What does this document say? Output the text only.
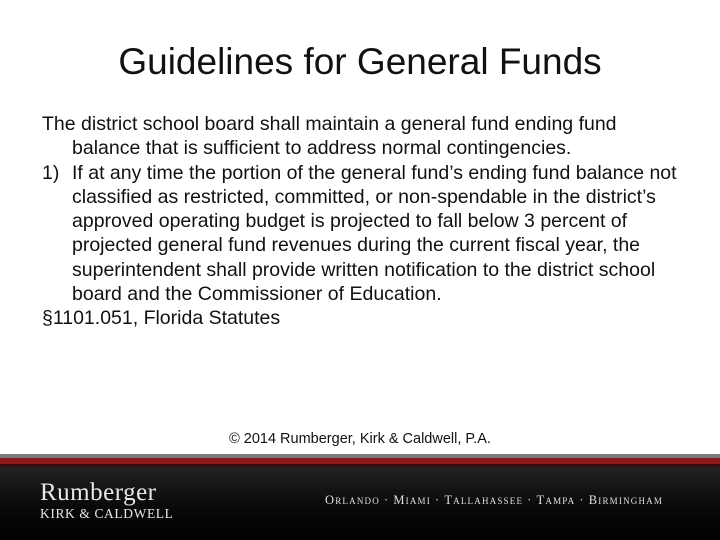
Guidelines for General Funds

The district school board shall maintain a general fund ending fund balance that is sufficient to address normal contingencies.

1) If at any time the portion of the general fund’s ending fund balance not classified as restricted, committed, or non-spendable in the district’s approved operating budget is projected to fall below 3 percent of projected general fund revenues during the current fiscal year, the superintendent shall provide written notification to the district school board and the Commissioner of Education.

§1101.051, Florida Statutes

© 2014 Rumberger, Kirk & Caldwell, P.A.
Rumberger
KIRK & CALDWELL
Orlando · Miami · Tallahassee · Tampa · Birmingham
